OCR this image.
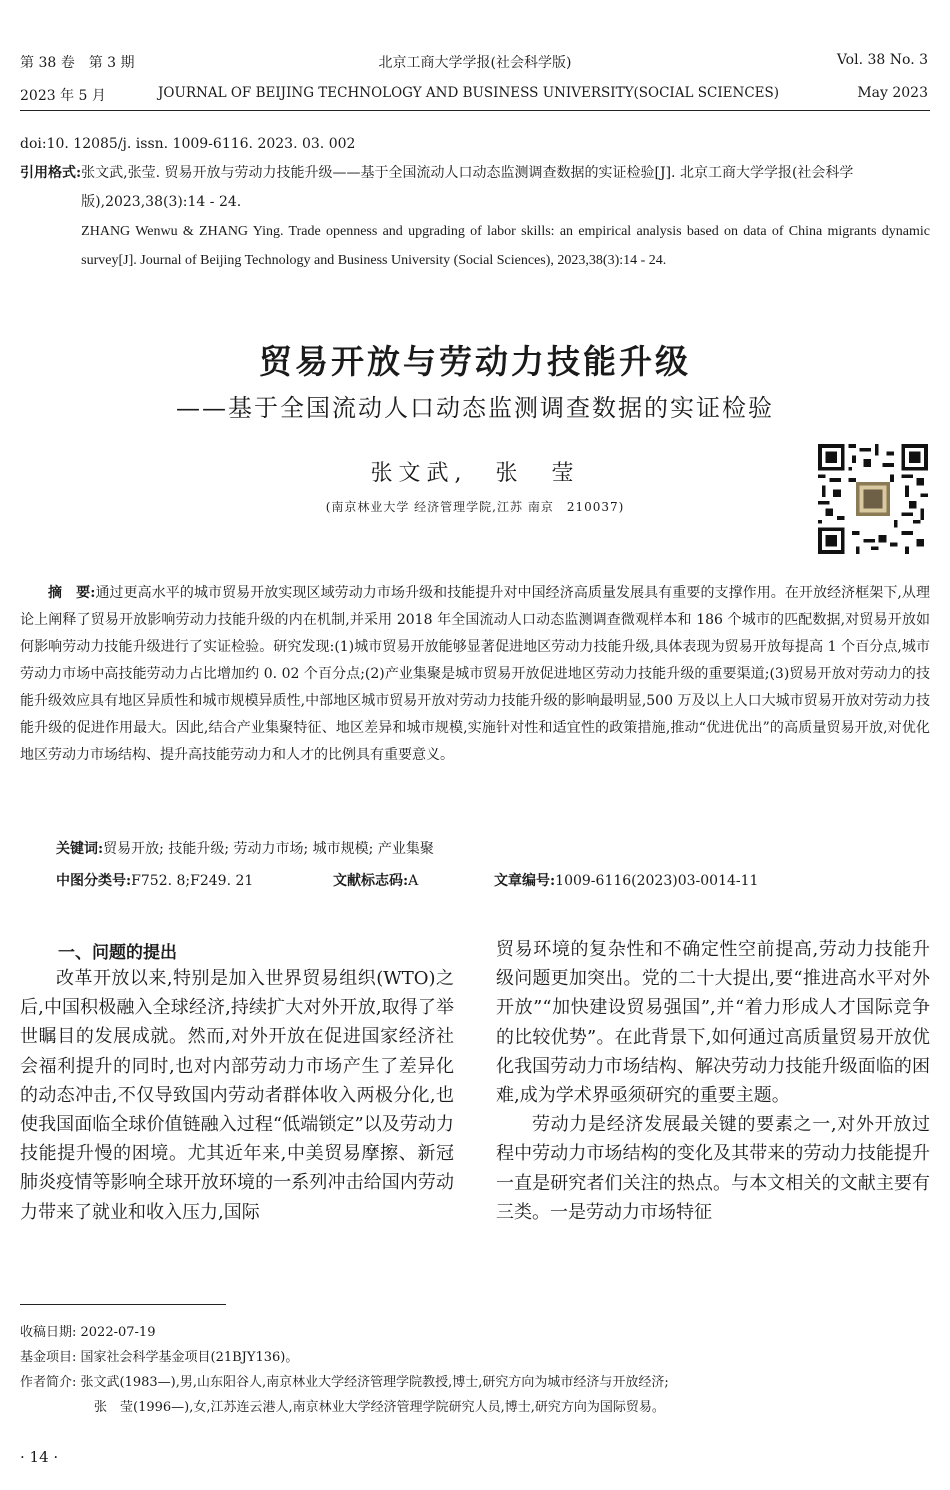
第 38 卷　第 3 期	北京工商大学学报(社会科学版)	Vol. 38 No. 3
2023 年 5 月	JOURNAL OF BEIJING TECHNOLOGY AND BUSINESS UNIVERSITY(SOCIAL SCIENCES)	May 2023
doi:10. 12085/j. issn. 1009-6116. 2023. 03. 002
引用格式: 张文武,张莹. 贸易开放与劳动力技能升级——基于全国流动人口动态监测调查数据的实证检验[J]. 北京工商大学学报(社会科学版),2023,38(3):14 - 24.
ZHANG Wenwu & ZHANG Ying. Trade openness and upgrading of labor skills: an empirical analysis based on data of China migrants dynamic survey[J]. Journal of Beijing Technology and Business University (Social Sciences), 2023,38(3):14 - 24.
贸易开放与劳动力技能升级
——基于全国流动人口动态监测调查数据的实证检验
张文武,　张　莹
(南京林业大学 经济管理学院,江苏 南京　210037)
摘　要:通过更高水平的城市贸易开放实现区域劳动力市场升级和技能提升对中国经济高质量发展具有重要的支撑作用。在开放经济框架下,从理论上阐释了贸易开放影响劳动力技能升级的内在机制,并采用 2018 年全国流动人口动态监测调查微观样本和 186 个城市的匹配数据,对贸易开放如何影响劳动力技能升级进行了实证检验。研究发现:(1)城市贸易开放能够显著促进地区劳动力技能升级,具体表现为贸易开放每提高 1 个百分点,城市劳动力市场中高技能劳动力占比增加约 0. 02 个百分点;(2)产业集聚是城市贸易开放促进地区劳动力技能升级的重要渠道;(3)贸易开放对劳动力的技能升级效应具有地区异质性和城市规模异质性,中部地区城市贸易开放对劳动力技能升级的影响最明显,500 万及以上人口大城市贸易开放对劳动力技能升级的促进作用最大。因此,结合产业集聚特征、地区差异和城市规模,实施针对性和适宜性的政策措施,推动“优进优出”的高质量贸易开放,对优化地区劳动力市场结构、提升高技能劳动力和人才的比例具有重要意义。
关键词:贸易开放; 技能升级; 劳动力市场; 城市规模; 产业集聚
中图分类号:F752. 8;F249. 21	文献标志码:A	文章编号:1009-6116(2023)03-0014-11
一、问题的提出

改革开放以来,特别是加入世界贸易组织(WTO)之后,中国积极融入全球经济,持续扩大对外开放,取得了举世瞩目的发展成就。然而,对外开放在促进国家经济社会福利提升的同时,也对内部劳动力市场产生了差异化的动态冲击,不仅导致国内劳动者群体收入两极分化,也使我国面临全球价值链融入过程“低端锁定”以及劳动力技能提升慢的困境。尤其近年来,中美贸易摩擦、新冠肺炎疫情等影响全球开放环境的一系列冲击给国内劳动力带来了就业和收入压力,国际

贸易环境的复杂性和不确定性空前提高,劳动力技能升级问题更加突出。党的二十大提出,要“推进高水平对外开放”“加快建设贸易强国”,并“着力形成人才国际竞争的比较优势”。在此背景下,如何通过高质量贸易开放优化我国劳动力市场结构、解决劳动力技能升级面临的困难,成为学术界亟须研究的重要主题。

劳动力是经济发展最关键的要素之一,对外开放过程中劳动力市场结构的变化及其带来的劳动力技能提升一直是研究者们关注的热点。与本文相关的文献主要有三类。一是劳动力市场特征

收稿日期: 2022-07-19
基金项目: 国家社会科学基金项目(21BJY136)。
作者简介: 张文武(1983—),男,山东阳谷人,南京林业大学经济管理学院教授,博士,研究方向为城市经济与开放经济;
张　莹(1996—),女,江苏连云港人,南京林业大学经济管理学院研究人员,博士,研究方向为国际贸易。
· 14 ·
